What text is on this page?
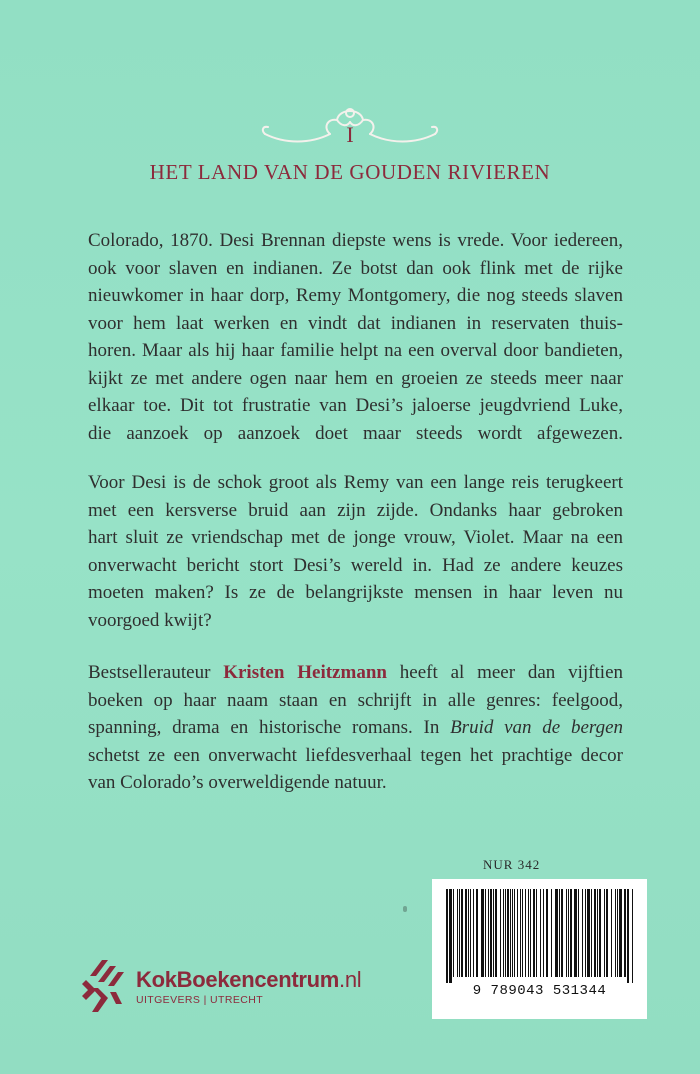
I
HET LAND VAN DE GOUDEN RIVIEREN
Colorado, 1870. Desi Brennan diepste wens is vrede. Voor iedereen,
ook voor slaven en indianen. Ze botst dan ook flink met de rijke
nieuwkomer in haar dorp, Remy Montgomery, die nog steeds slaven
voor hem laat werken en vindt dat indianen in reservaten thuis-
horen. Maar als hij haar familie helpt na een overval door bandieten,
kijkt ze met andere ogen naar hem en groeien ze steeds meer naar
elkaar toe. Dit tot frustratie van Desi’s jaloerse jeugdvriend Luke,
die aanzoek op aanzoek doet maar steeds wordt afgewezen.
Voor Desi is de schok groot als Remy van een lange reis terugkeert
met een kersverse bruid aan zijn zijde. Ondanks haar gebroken
hart sluit ze vriendschap met de jonge vrouw, Violet. Maar na een
onverwacht bericht stort Desi’s wereld in. Had ze andere keuzes
moeten maken? Is ze de belangrijkste mensen in haar leven nu
voorgoed kwijt?
Bestsellerauteur Kristen Heitzmann heeft al meer dan vijftien
boeken op haar naam staan en schrijft in alle genres: feelgood,
spanning, drama en historische romans. In Bruid van de bergen
schetst ze een onverwacht liefdesverhaal tegen het prachtige decor
van Colorado’s overweldigende natuur.
NUR 342
9 789043 531344
KokBoekencentrum.nl
UITGEVERS | UTRECHT
